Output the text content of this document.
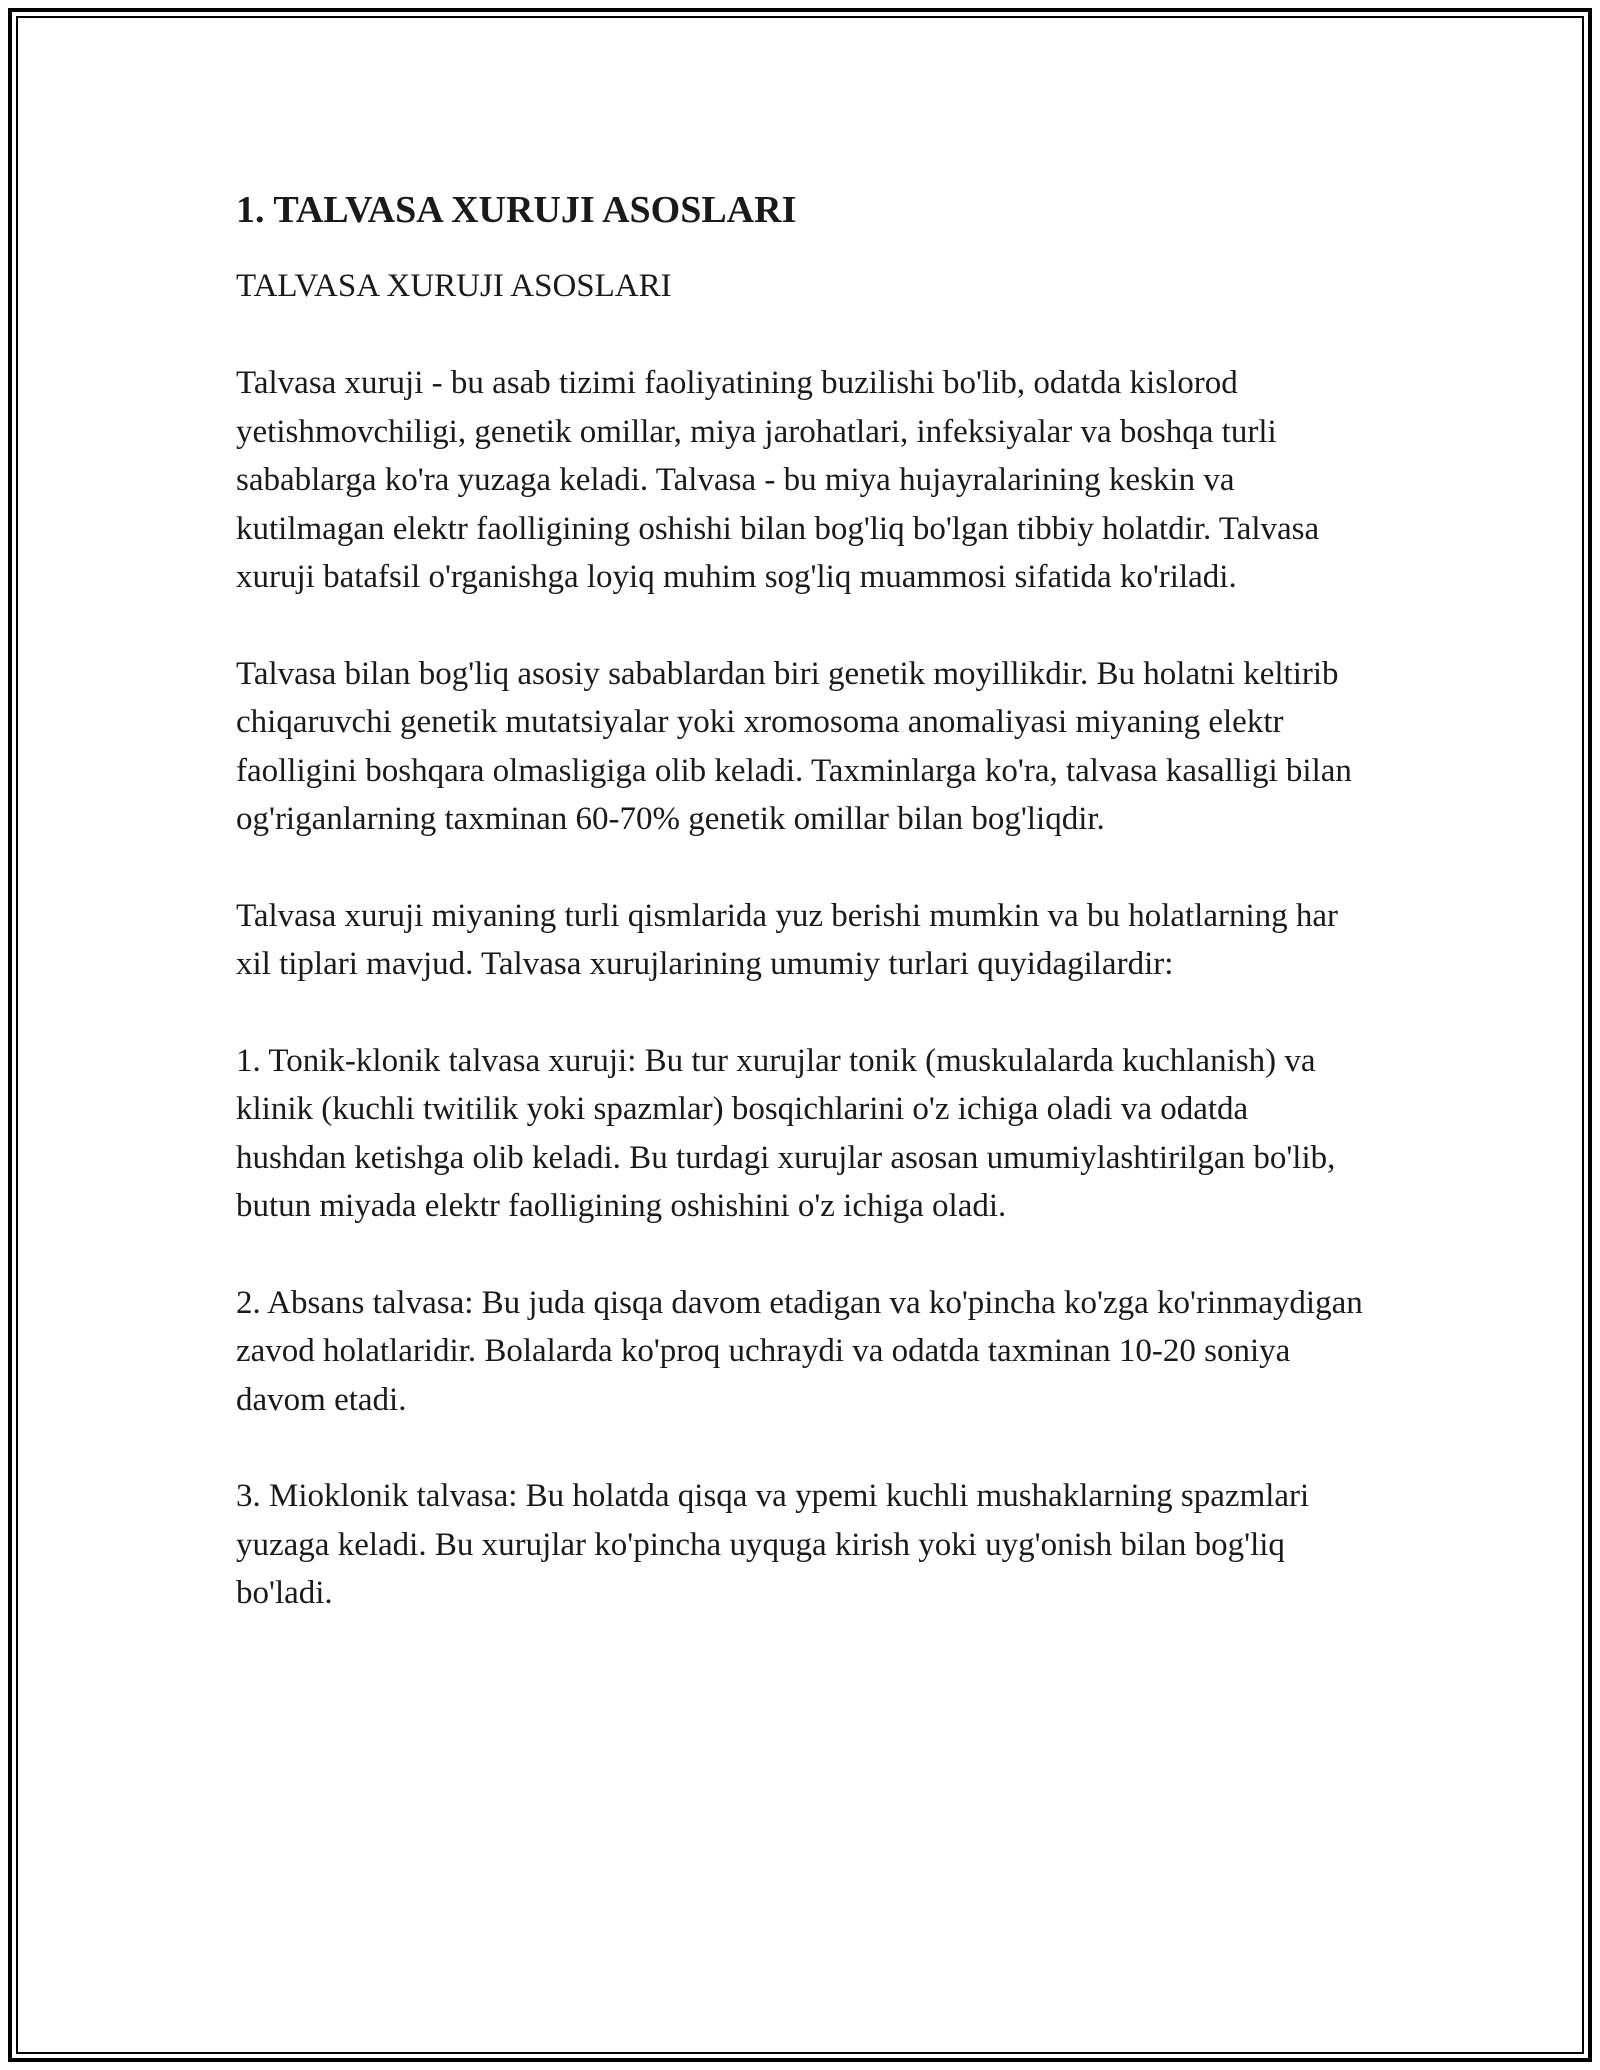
1. TALVASA XURUJI ASOSLARI

TALVASA XURUJI ASOSLARI

Talvasa xuruji - bu asab tizimi faoliyatining buzilishi bo'lib, odatda kislorod yetishmovchiligi, genetik omillar, miya jarohatlari, infeksiyalar va boshqa turli sabablarga ko'ra yuzaga keladi. Talvasa - bu miya hujayralarining keskin va kutilmagan elektr faolligining oshishi bilan bog'liq bo'lgan tibbiy holatdir. Talvasa xuruji batafsil o'rganishga loyiq muhim sog'liq muammosi sifatida ko'riladi.

Talvasa bilan bog'liq asosiy sabablardan biri genetik moyillikdir. Bu holatni keltirib chiqaruvchi genetik mutatsiyalar yoki xromosoma anomaliyasi miyaning elektr faolligini boshqara olmasligiga olib keladi. Taxminlarga ko'ra, talvasa kasalligi bilan og'riganlarning taxminan 60-70% genetik omillar bilan bog'liqdir.

Talvasa xuruji miyaning turli qismlarida yuz berishi mumkin va bu holatlarning har xil tiplari mavjud. Talvasa xurujlarining umumiy turlari quyidagilardir:

1. Tonik-klonik talvasa xuruji: Bu tur xurujlar tonik (muskulalarda kuchlanish) va klinik (kuchli twitilik yoki spazmlar) bosqichlarini o'z ichiga oladi va odatda hushdan ketishga olib keladi. Bu turdagi xurujlar asosan umumiylashtirilgan bo'lib, butun miyada elektr faolligining oshishini o'z ichiga oladi.

2. Absans talvasa: Bu juda qisqa davom etadigan va ko'pincha ko'zga ko'rinmaydigan zavod holatlaridir. Bolalarda ko'proq uchraydi va odatda taxminan 10-20 soniya davom etadi.

3. Mioklonik talvasa: Bu holatda qisqa va ypemi kuchli mushaklarning spazmlari yuzaga keladi. Bu xurujlar ko'pincha uyquga kirish yoki uyg'onish bilan bog'liq bo'ladi.
